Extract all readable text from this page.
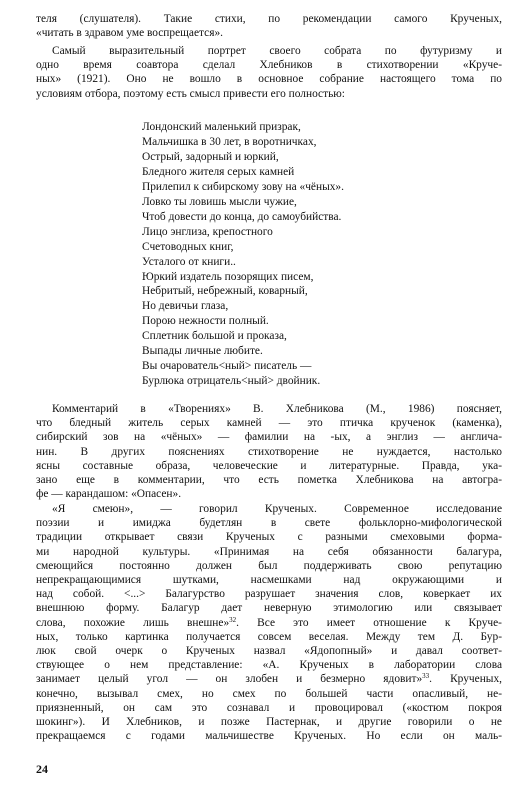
теля (слушателя). Такие стихи, по рекомендации самого Крученых,
«читать в здравом уме воспрещается».

Самый выразительный портрет своего собрата по футуризму и
одно время соавтора сделал Хлебников в стихотворении «Круче-
ных» (1921). Оно не вошло в основное собрание настоящего тома по
условиям отбора, поэтому есть смысл привести его полностью:

Лондонский маленький призрак,
Мальчишка в 30 лет, в воротничках,
Острый, задорный и юркий,
Бледного жителя серых камней
Прилепил к сибирскому зову на «чёных».
Ловко ты ловишь мысли чужие,
Чтоб довести до конца, до самоубийства.
Лицо энглиза, крепостного
Счетоводных книг,
Усталого от книги..
Юркий издатель позорящих писем,
Небритый, небрежный, коварный,
Но девичьи глаза,
Порою нежности полный.
Сплетник большой и проказа,
Выпады личные любите.
Вы очарователь<ный> писатель —
Бурлюка отрицатель<ный> двойник.

Комментарий в «Творениях» В. Хлебникова (М., 1986) поясняет,
что бледный житель серых камней — это птичка крученок (каменка),
сибирский зов на «чёных» — фамилии на -ых, а энглиз — англича-
нин. В других пояснениях стихотворение не нуждается, настолько
ясны составные образа, человеческие и литературные. Правда, ука-
зано еще в комментарии, что есть пометка Хлебникова на автогра-
фе — карандашом: «Опасен».

«Я смеюн», — говорил Крученых. Современное исследование
поэзии и имиджа будетлян в свете фольклорно-мифологической
традиции открывает связи Крученых с разными смеховыми форма-
ми народной культуры. «Принимая на себя обязанности балагура,
смеющийся постоянно должен был поддерживать свою репутацию
непрекращающимися шутками, насмешками над окружающими и
над собой. <...> Балагурство разрушает значения слов, коверкает их
внешнюю форму. Балагур дает неверную этимологию или связывает
слова, похожие лишь внешне»$^{32}$. Все это имеет отношение к Круче-
ных, только картинка получается совсем веселая. Между тем Д. Бур-
люк свой очерк о Крученых назвал «Ядопопный» и давал соответ-
ствующее о нем представление: «А. Крученых в лаборатории слова
занимает целый угол — он злобен и безмерно ядовит»$^{33}$. Крученых,
конечно, вызывал смех, но смех по большей части опасливый, не-
приязненный, он сам это сознавал и провоцировал («костюм покроя
шокинг»). И Хлебников, и позже Пастернак, и другие говорили о не
прекращаемся с годами мальчишестве Крученых. Но если он маль-

24
